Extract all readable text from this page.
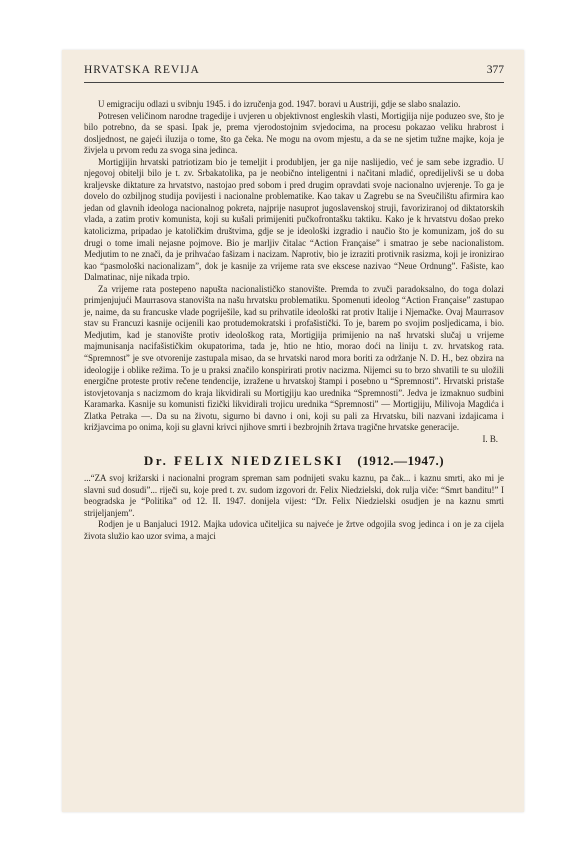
HRVATSKA REVIJA	377

U emigraciju odlazi u svibnju 1945. i do izručenja god. 1947. boravi u Austriji, gdje se slabo snalazio.

Potresen veličinom narodne tragedije i uvjeren u objektivnost engleskih vlasti, Mortigjija nije poduzeo sve, što je bilo potrebno, da se spasi. Ipak je, prema vjerodostojnim svjedocima, na procesu pokazao veliku hrabrost i dosljednost, ne gajeći iluzija o tome, što ga čeka. Ne mogu na ovom mjestu, a da se ne sjetim tužne majke, koja je živjela u prvom redu za svoga sina jedinca.

Mortigjijin hrvatski patriotizam bio je temeljit i produbljen, jer ga nije naslijedio, već je sam sebe izgradio. U njegovoj obitelji bilo je t. zv. Srbakatolika, pa je neobično inteligentni i načitani mladić, opredijelivši se u doba kraljevske diktature za hrvatstvo, nastojao pred sobom i pred drugim opravdati svoje nacionalno uvjerenje. To ga je dovelo do ozbiljnog studija povijesti i nacionalne problematike. Kao takav u Zagrebu se na Sveučilištu afirmira kao jedan od glavnih ideologa nacionalnog pokreta, najprije nasuprot jugoslavenskoj struji, favoriziranoj od diktatorskih vlada, a zatim protiv komunista, koji su kušali primijeniti pučkofrontašku taktiku. Kako je k hrvatstvu došao preko katolicizma, pripadao je katoličkim društvima, gdje se je ideološki izgradio i naučio što je komunizam, još do su drugi o tome imali nejasne pojmove. Bio je marljiv čitalac “Action Française” i smatrao je sebe nacionalistom. Medjutim to ne znači, da je prihvaćao fašizam i nacizam. Naprotiv, bio je izraziti protivnik rasizma, koji je ironizirao kao “pasmološki nacionalizam”, dok je kasnije za vrijeme rata sve ekscese nazivao “Neue Ordnung”. Fašiste, kao Dalmatinac, nije nikada trpio.

Za vrijeme rata postepeno napušta nacionalističko stanovište. Premda to zvuči paradoksalno, do toga dolazi primjenjujući Maurrasova stanovišta na našu hrvatsku problematiku. Spomenuti ideolog “Action Française” zastupao je, naime, da su francuske vlade pogriješile, kad su prihvatile ideološki rat protiv Italije i Njemačke. Ovaj Maurrasov stav su Francuzi kasnije ocijenili kao protudemokratski i profašistički. To je, barem po svojim posljedicama, i bio. Medjutim, kad je stanovište protiv ideološkog rata, Mortigjija primijenio na naš hrvatski slučaj u vrijeme majmunisanja nacifašističkim okupatorima, tada je, htio ne htio, morao doći na liniju t. zv. hrvatskog rata. “Spremnost” je sve otvorenije zastupala misao, da se hrvatski narod mora boriti za održanje N. D. H., bez obzira na ideologije i oblike režima. To je u praksi značilo konspirirati protiv nacizma. Nijemci su to brzo shvatili te su uložili energične proteste protiv rečene tendencije, izražene u hrvatskoj štampi i posebno u “Spremnosti”. Hrvatski pristaše istovjetovanja s nacizmom do kraja likvidirali su Mortigjiju kao urednika “Spremnosti”. Jedva je izmaknuo sudbini Karamarka. Kasnije su komunisti fizički likvidirali trojicu urednika “Spremnosti” — Mortigjiju, Milivoja Magdića i Zlatka Petraka —. Da su na životu, sigurno bi davno i oni, koji su pali za Hrvatsku, bili nazvani izdajicama i križjavcima po onima, koji su glavni krivci njihove smrti i bezbrojnih žrtava tragične hrvatske generacije.

I. B.
Dr. FELIX NIEDZIELSKI (1912.—1947.)

...“ZA svoj križarski i nacionalni program spreman sam podnijeti svaku kaznu, pa čak... i kaznu smrti, ako mi je slavni sud dosudi”... riječi su, koje pred t. zv. sudom izgovori dr. Felix Niedzielski, dok rulja viče: “Smrt banditu!” I beogradska je “Politika” od 12. II. 1947. donijela vijest: “Dr. Felix Niedzielski osudjen je na kaznu smrti strijeljanjem”.

Rodjen je u Banjaluci 1912. Majka udovica učiteljica su najveće je žrtve odgojila svog jedinca i on je za cijela života služio kao uzor svima, a majci
